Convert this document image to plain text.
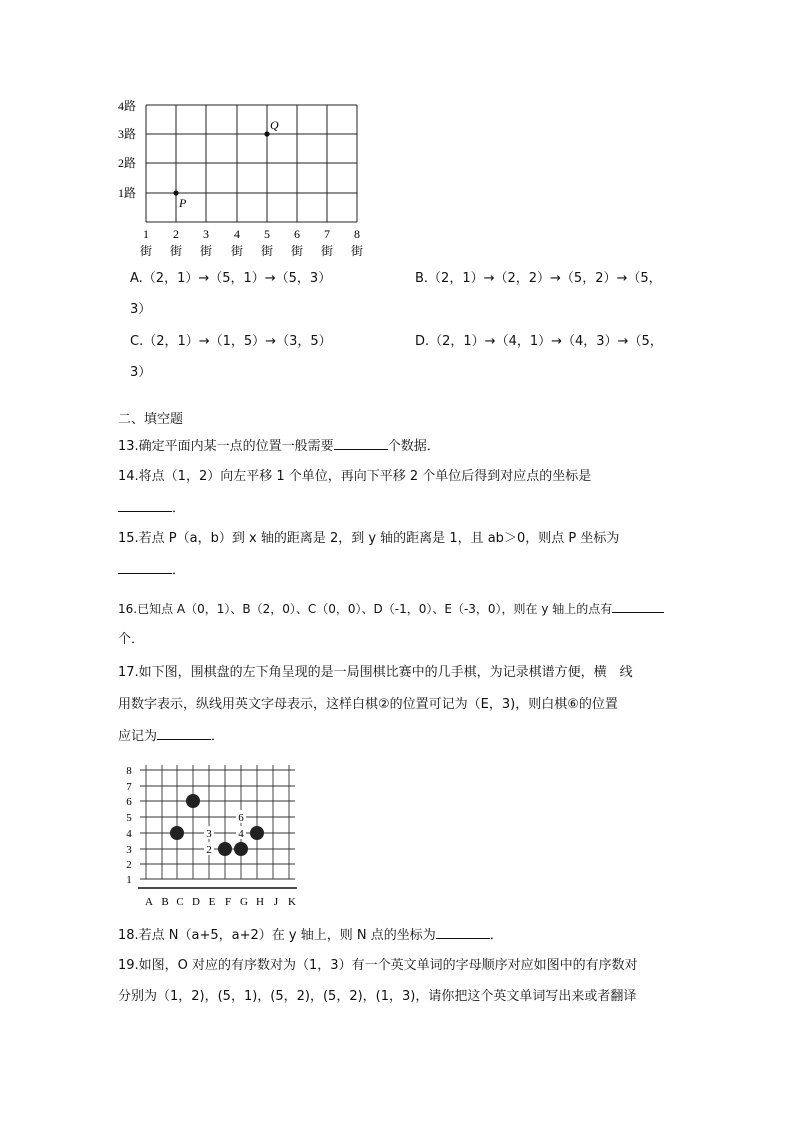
4路
3路
2路
1路
P
Q
1 2 3 4 5 6 7 8
街 街 街 街 街 街 街 街
A.（2，1）→（5，1）→（5，3）	B.（2，1）→（2，2）→（5，2）→（5，
3）
C.（2，1）→（1，5）→（3，5）	D.（2，1）→（4，1）→（4，3）→（5，
3）
二、填空题
13.确定平面内某一点的位置一般需要	个数据．
14.将点（1，2）向左平移 1 个单位，再向下平移 2 个单位后得到对应点的坐标是
．
15.若点 P（a，b）到 x 轴的距离是 2，到 y 轴的距离是 1，且 ab＞0，则点 P 坐标为
．
16.已知点 A（0，1）、B（2，0）、C（0，0）、D（-1，0）、E（-3，0），则在 y 轴上的点有
个．
17.如下图，围棋盘的左下角呈现的是一局围棋比赛中的几手棋，为记录棋谱方便，横　线
用数字表示，纵线用英文字母表示，这样白棋②的位置可记为（E，3)，则白棋⑥的位置
应记为	．
8
7
6
5
4
3
2
1
A B C D E F G H J K
6
3 4
2
18.若点 N（a+5，a+2）在 y 轴上，则 N 点的坐标为	．
19.如图，O 对应的有序数对为（1，3）有一个英文单词的字母顺序对应如图中的有序数对
分别为（1，2)，(5，1)，(5，2)，(5，2)，(1，3)，请你把这个英文单词写出来或者翻译
